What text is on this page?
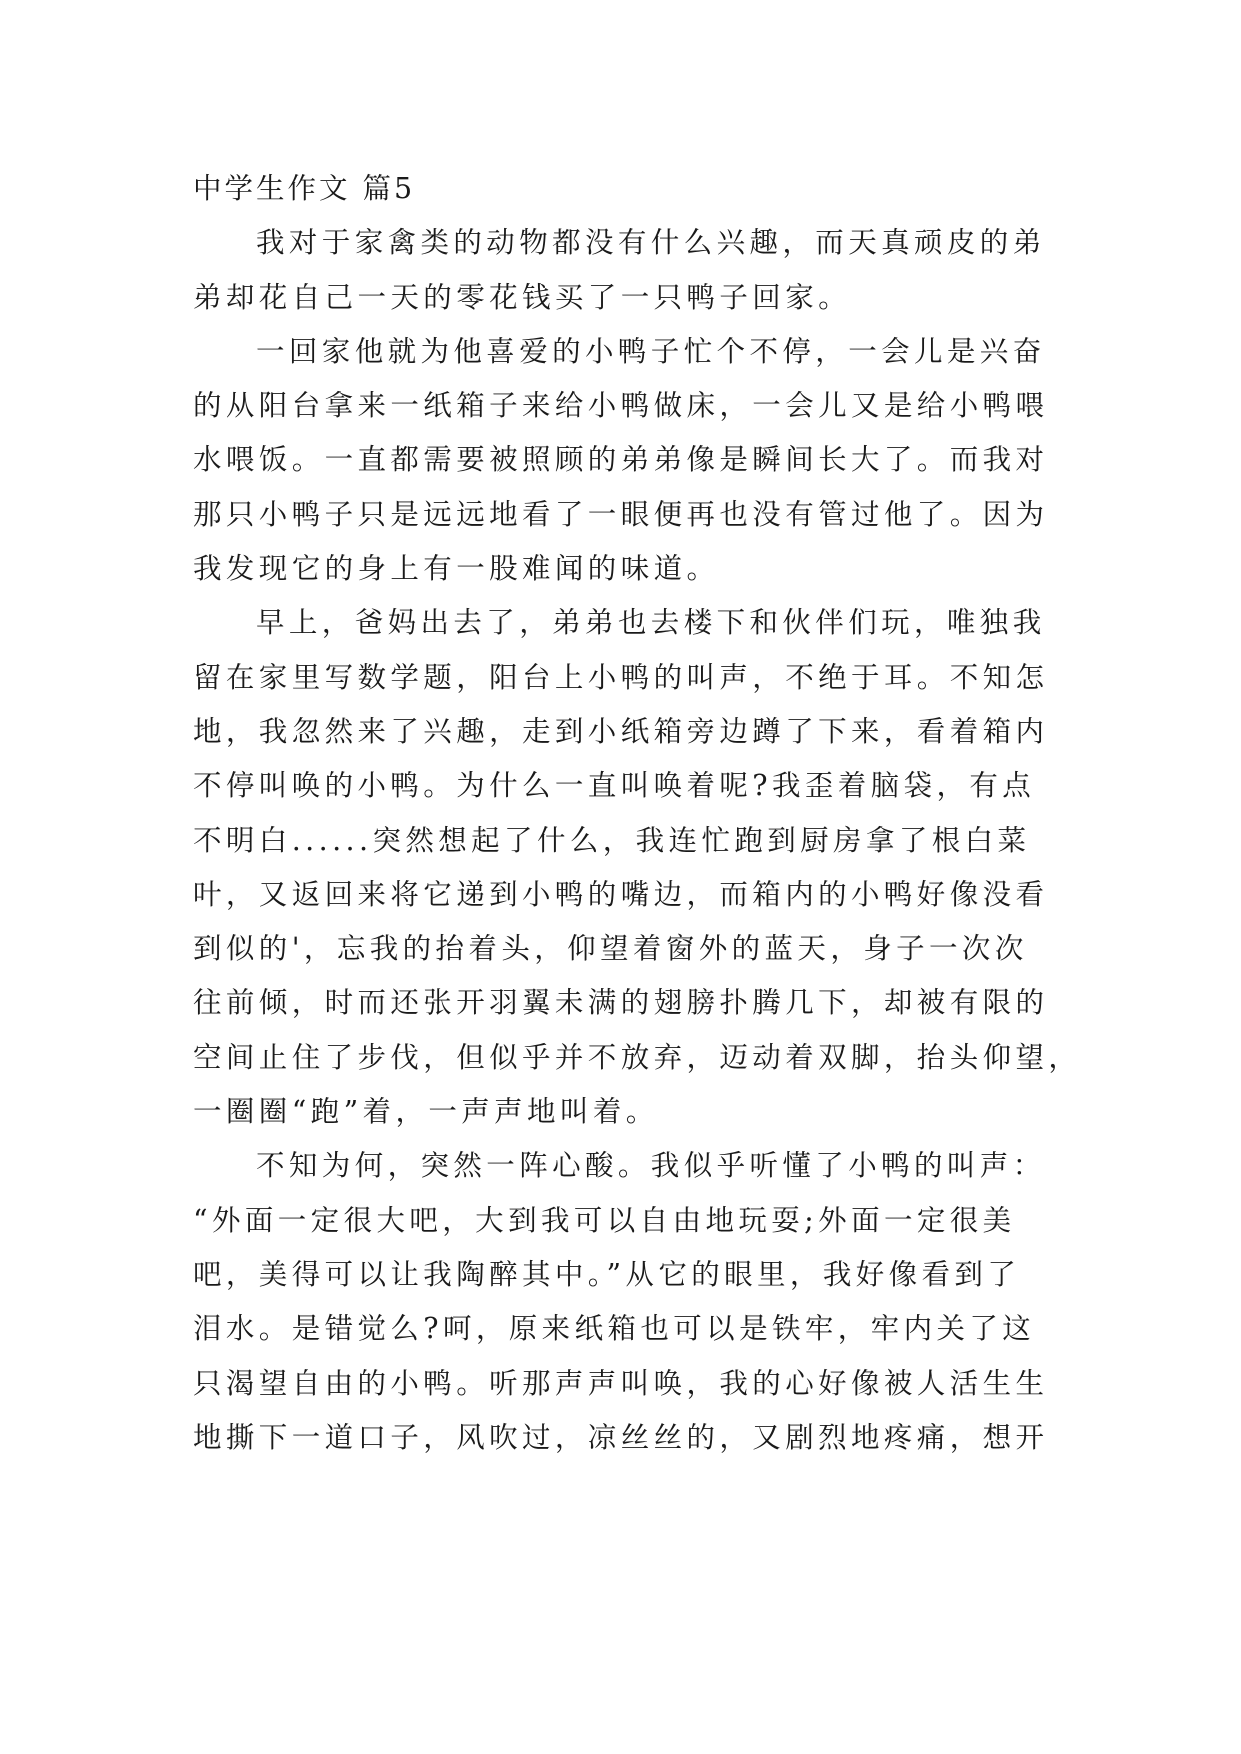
中学生作文 篇5
我对于家禽类的动物都没有什么兴趣，而天真顽皮的弟
弟却花自己一天的零花钱买了一只鸭子回家。
一回家他就为他喜爱的小鸭子忙个不停，一会儿是兴奋
的从阳台拿来一纸箱子来给小鸭做床，一会儿又是给小鸭喂
水喂饭。一直都需要被照顾的弟弟像是瞬间长大了。而我对
那只小鸭子只是远远地看了一眼便再也没有管过他了。因为
我发现它的身上有一股难闻的味道。
早上，爸妈出去了，弟弟也去楼下和伙伴们玩，唯独我
留在家里写数学题，阳台上小鸭的叫声，不绝于耳。不知怎
地，我忽然来了兴趣，走到小纸箱旁边蹲了下来，看着箱内
不停叫唤的小鸭。为什么一直叫唤着呢?我歪着脑袋，有点
不明白......突然想起了什么，我连忙跑到厨房拿了根白菜
叶，又返回来将它递到小鸭的嘴边，而箱内的小鸭好像没看
到似的'，忘我的抬着头，仰望着窗外的蓝天，身子一次次
往前倾，时而还张开羽翼未满的翅膀扑腾几下，却被有限的
空间止住了步伐，但似乎并不放弃，迈动着双脚，抬头仰望，
一圈圈“跑”着，一声声地叫着。
不知为何，突然一阵心酸。我似乎听懂了小鸭的叫声：
“外面一定很大吧，大到我可以自由地玩耍;外面一定很美
吧，美得可以让我陶醉其中。”从它的眼里，我好像看到了
泪水。是错觉么?呵，原来纸箱也可以是铁牢，牢内关了这
只渴望自由的小鸭。听那声声叫唤，我的心好像被人活生生
地撕下一道口子，风吹过，凉丝丝的，又剧烈地疼痛，想开
